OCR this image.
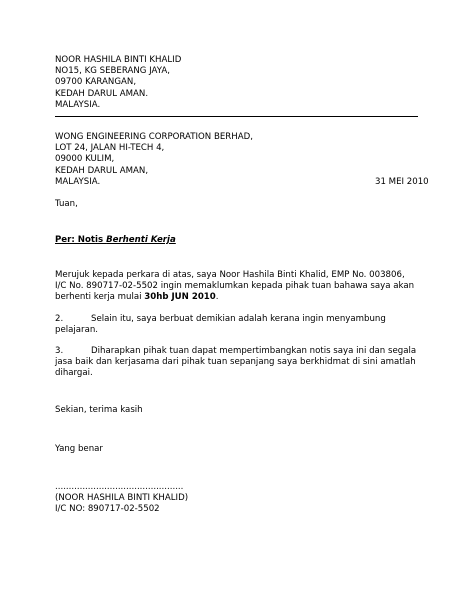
NOOR HASHILA BINTI KHALID
NO15, KG SEBERANG JAYA,
09700 KARANGAN,
KEDAH DARUL AMAN.
MALAYSIA.
WONG ENGINEERING CORPORATION BERHAD,
LOT 24, JALAN HI-TECH 4,
09000 KULIM,
KEDAH DARUL AMAN,
MALAYSIA.	31 MEI 2010
Tuan,
Per: Notis Berhenti Kerja
Merujuk kepada perkara di atas, saya Noor Hashila Binti Khalid, EMP No. 003806,
I/C No. 890717-02-5502 ingin memaklumkan kepada pihak tuan bahawa saya akan
berhenti kerja mulai 30hb JUN 2010.
2.	Selain itu, saya berbuat demikian adalah kerana ingin menyambung
pelajaran.
3.	Diharapkan pihak tuan dapat mempertimbangkan notis saya ini dan segala
jasa baik dan kerjasama dari pihak tuan sepanjang saya berkhidmat di sini amatlah
dihargai.
Sekian, terima kasih
Yang benar
...............................................
(NOOR HASHILA BINTI KHALID)
I/C NO: 890717-02-5502
